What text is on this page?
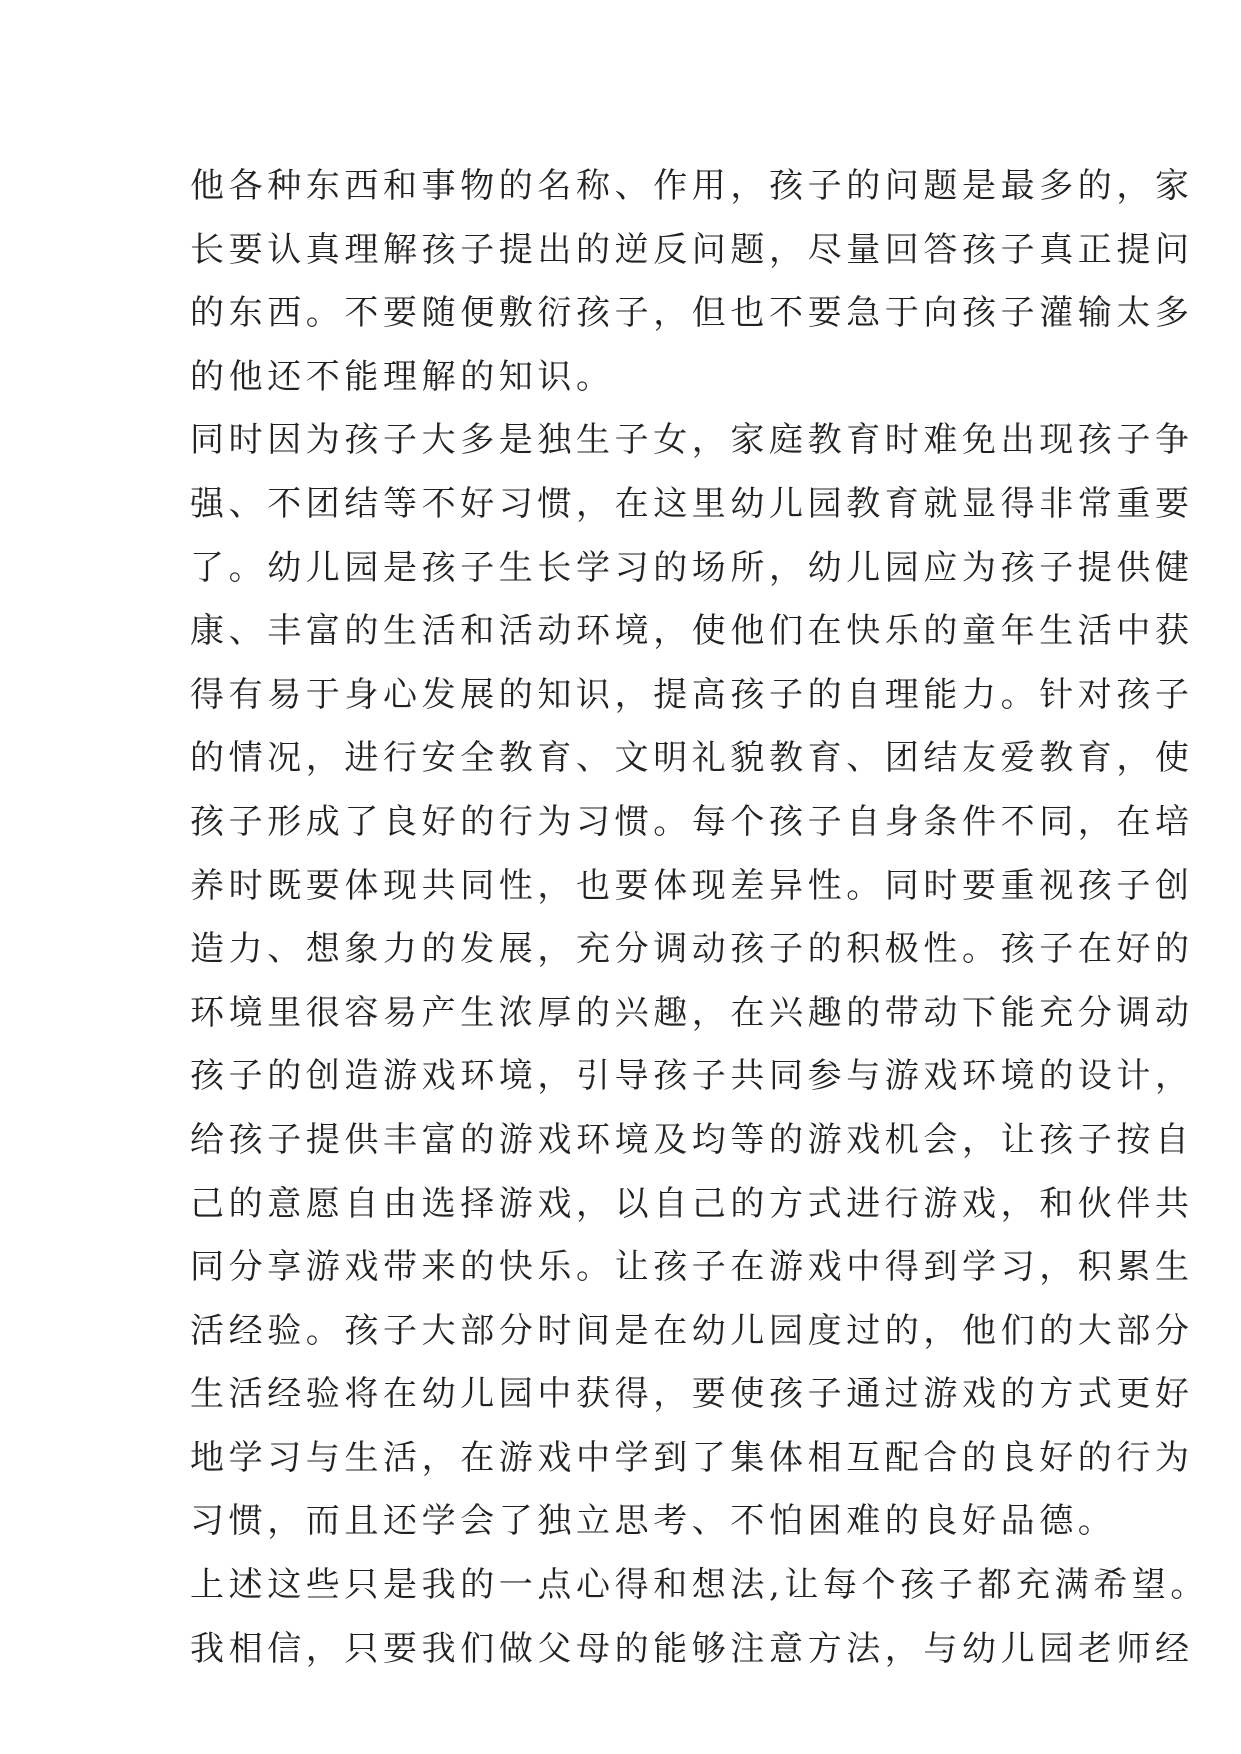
他各种东西和事物的名称、作用，孩子的问题是最多的，家
长要认真理解孩子提出的逆反问题，尽量回答孩子真正提问
的东西。不要随便敷衍孩子，但也不要急于向孩子灌输太多
的他还不能理解的知识。
同时因为孩子大多是独生子女，家庭教育时难免出现孩子争
强、不团结等不好习惯，在这里幼儿园教育就显得非常重要
了。幼儿园是孩子生长学习的场所，幼儿园应为孩子提供健
康、丰富的生活和活动环境，使他们在快乐的童年生活中获
得有易于身心发展的知识，提高孩子的自理能力。针对孩子
的情况，进行安全教育、文明礼貌教育、团结友爱教育，使
孩子形成了良好的行为习惯。每个孩子自身条件不同，在培
养时既要体现共同性，也要体现差异性。同时要重视孩子创
造力、想象力的发展，充分调动孩子的积极性。孩子在好的
环境里很容易产生浓厚的兴趣，在兴趣的带动下能充分调动
孩子的创造游戏环境，引导孩子共同参与游戏环境的设计，
给孩子提供丰富的游戏环境及均等的游戏机会，让孩子按自
己的意愿自由选择游戏，以自己的方式进行游戏，和伙伴共
同分享游戏带来的快乐。让孩子在游戏中得到学习，积累生
活经验。孩子大部分时间是在幼儿园度过的，他们的大部分
生活经验将在幼儿园中获得，要使孩子通过游戏的方式更好
地学习与生活，在游戏中学到了集体相互配合的良好的行为
习惯，而且还学会了独立思考、不怕困难的良好品德。
上述这些只是我的一点心得和想法,让每个孩子都充满希望。
我相信，只要我们做父母的能够注意方法，与幼儿园老师经
